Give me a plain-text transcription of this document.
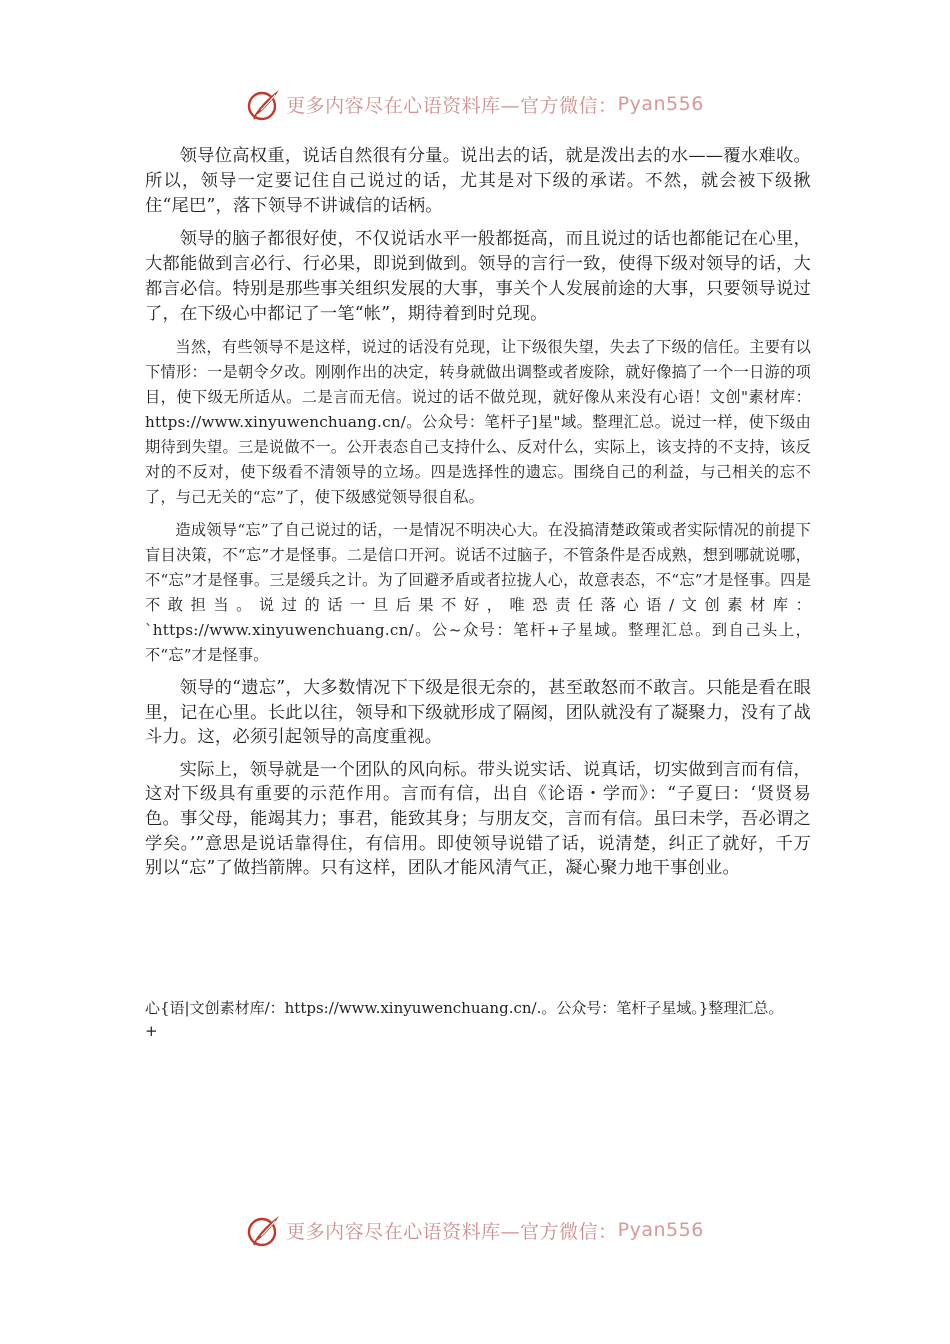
更多内容尽在心语资料库—官方微信： Pyan556

领导位高权重，说话自然很有分量。说出去的话，就是泼出去的水——覆水难收。所以，领导一定要记住自己说过的话，尤其是对下级的承诺。不然，就会被下级揪住“尾巴”，落下领导不讲诚信的话柄。

领导的脑子都很好使，不仅说话水平一般都挺高，而且说过的话也都能记在心里，大都能做到言必行、行必果，即说到做到。领导的言行一致，使得下级对领导的话，大都言必信。特别是那些事关组织发展的大事，事关个人发展前途的大事，只要领导说过了，在下级心中都记了一笔“帐”，期待着到时兑现。

当然，有些领导不是这样，说过的话没有兑现，让下级很失望，失去了下级的信任。主要有以下情形：一是朝令夕改。刚刚作出的决定，转身就做出调整或者废除，就好像搞了一个一日游的项目，使下级无所适从。二是言而无信。说过的话不做兑现，就好像从来没有心语！文创"素材库：https://www.xinyuwenchuang.cn/。公众号：笔杆子]星"域。整理汇总。说过一样，使下级由期待到失望。三是说做不一。公开表态自己支持什么、反对什么，实际上，该支持的不支持，该反对的不反对，使下级看不清领导的立场。四是选择性的遗忘。围绕自己的利益，与己相关的忘不了，与己无关的“忘”了，使下级感觉领导很自私。

造成领导“忘”了自己说过的话，一是情况不明决心大。在没搞清楚政策或者实际情况的前提下盲目决策，不“忘”才是怪事。二是信口开河。说话不过脑子，不管条件是否成熟，想到哪就说哪，不“忘”才是怪事。三是缓兵之计。为了回避矛盾或者拉拢人心，故意表态，不“忘”才是怪事。四是不敢担当。说过的话一旦后果不好，唯恐责任落心语/文创素材库：`https://www.xinyuwenchuang.cn/。公~众号：笔杆+子星域。整理汇总。到自己头上，不“忘”才是怪事。

领导的“遗忘”，大多数情况下下级是很无奈的，甚至敢怒而不敢言。只能是看在眼里，记在心里。长此以往，领导和下级就形成了隔阂，团队就没有了凝聚力，没有了战斗力。这，必须引起领导的高度重视。

实际上，领导就是一个团队的风向标。带头说实话、说真话，切实做到言而有信，这对下级具有重要的示范作用。言而有信，出自《论语・学而》：“子夏曰：‘贤贤易色。事父母，能竭其力；事君，能致其身；与朋友交，言而有信。虽曰未学，吾必谓之学矣。’”意思是说话靠得住，有信用。即使领导说错了话，说清楚，纠正了就好，千万别以“忘”了做挡箭牌。只有这样，团队才能风清气正，凝心聚力地干事创业。

心{语|文创素材库/：https://www.xinyuwenchuang.cn/.。公众号：笔杆子星域。}整理汇总。
+
更多内容尽在心语资料库—官方微信： Pyan556
